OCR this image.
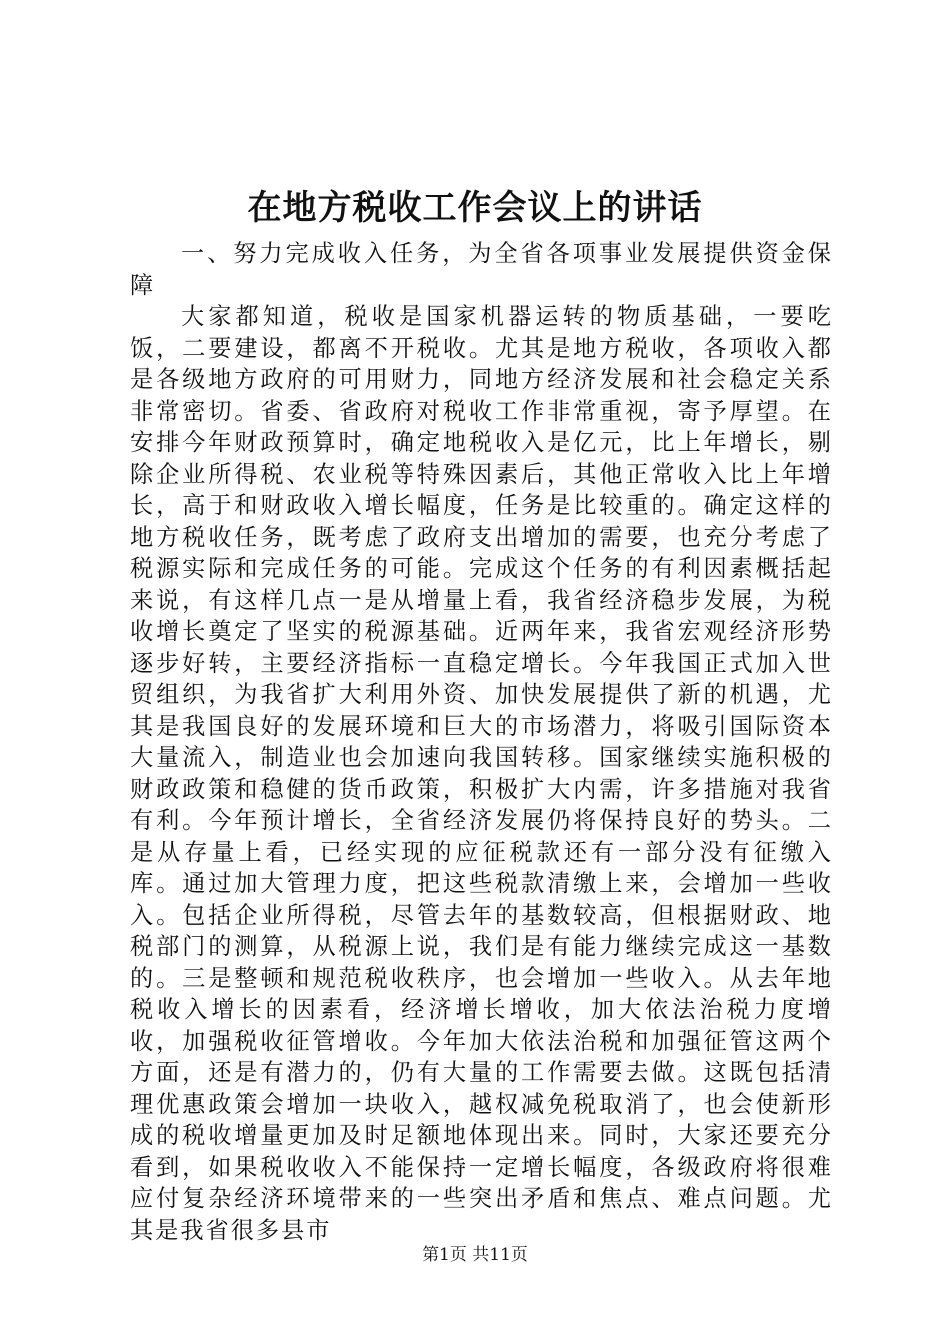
在地方税收工作会议上的讲话

一、努力完成收入任务，为全省各项事业发展提供资金保障

大家都知道，税收是国家机器运转的物质基础，一要吃饭，二要建设，都离不开税收。尤其是地方税收，各项收入都是各级地方政府的可用财力，同地方经济发展和社会稳定关系非常密切。省委、省政府对税收工作非常重视，寄予厚望。在安排今年财政预算时，确定地税收入是亿元，比上年增长，剔除企业所得税、农业税等特殊因素后，其他正常收入比上年增长，高于和财政收入增长幅度，任务是比较重的。确定这样的地方税收任务，既考虑了政府支出增加的需要，也充分考虑了税源实际和完成任务的可能。完成这个任务的有利因素概括起来说，有这样几点一是从增量上看，我省经济稳步发展，为税收增长奠定了坚实的税源基础。近两年来，我省宏观经济形势逐步好转，主要经济指标一直稳定增长。今年我国正式加入世贸组织，为我省扩大利用外资、加快发展提供了新的机遇，尤其是我国良好的发展环境和巨大的市场潜力，将吸引国际资本大量流入，制造业也会加速向我国转移。国家继续实施积极的财政政策和稳健的货币政策，积极扩大内需，许多措施对我省有利。今年预计增长，全省经济发展仍将保持良好的势头。二是从存量上看，已经实现的应征税款还有一部分没有征缴入库。通过加大管理力度，把这些税款清缴上来，会增加一些收入。包括企业所得税，尽管去年的基数较高，但根据财政、地税部门的测算，从税源上说，我们是有能力继续完成这一基数的。三是整顿和规范税收秩序，也会增加一些收入。从去年地税收入增长的因素看，经济增长增收，加大依法治税力度增收，加强税收征管增收。今年加大依法治税和加强征管这两个方面，还是有潜力的，仍有大量的工作需要去做。这既包括清理优惠政策会增加一块收入，越权减免税取消了，也会使新形成的税收增量更加及时足额地体现出来。同时，大家还要充分看到，如果税收收入不能保持一定增长幅度，各级政府将很难应付复杂经济环境带来的一些突出矛盾和焦点、难点问题。尤其是我省很多县市

第1页 共11页
